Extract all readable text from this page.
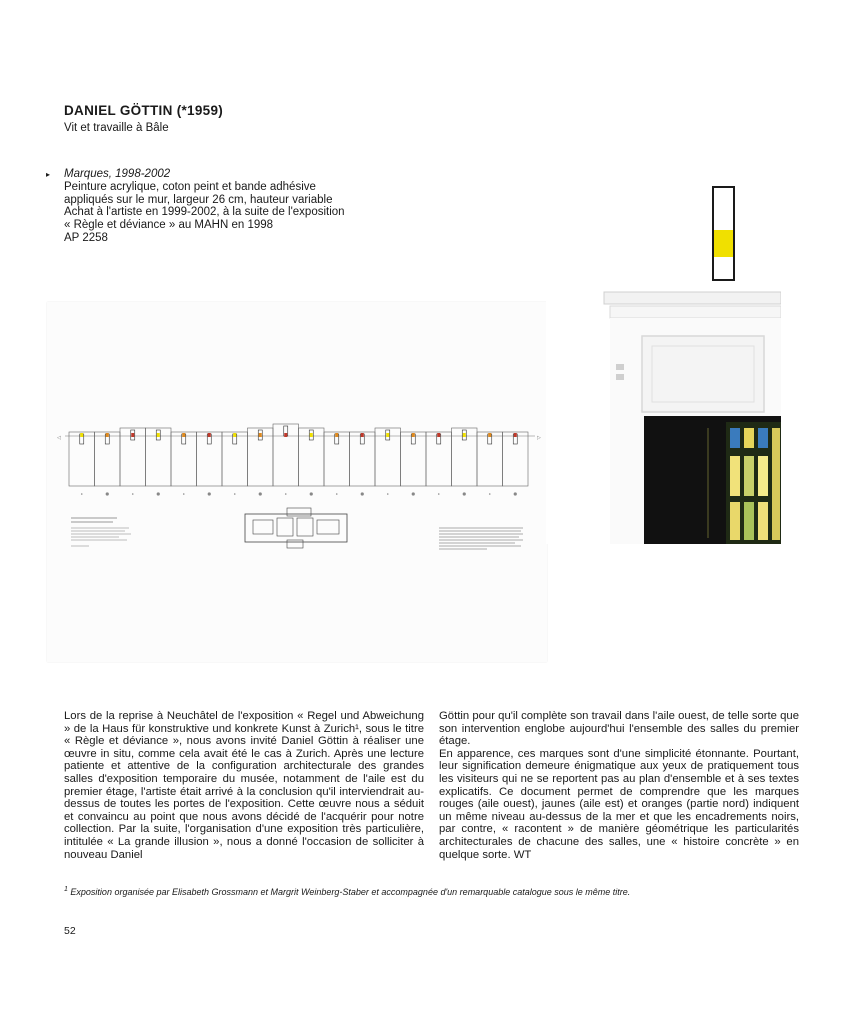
DANIEL GÖTTIN (*1959)
Vit et travaille à Bâle
▸ Marques, 1998-2002
Peinture acrylique, coton peint et bande adhésive
appliqués sur le mur, largeur 26 cm, hauteur variable
Achat à l'artiste en 1999-2002, à la suite de l'exposition
« Règle et déviance » au MAHN en 1998
AP 2258
◁	▷

Lors de la reprise à Neuchâtel de l'exposition « Regel und Abweichung » de la Haus für konstruktive und konkrete Kunst à Zurich¹, sous le titre « Règle et déviance », nous avons invité Daniel Göttin à réaliser une œuvre in situ, comme cela avait été le cas à Zurich. Après une lecture patiente et attentive de la configuration architecturale des grandes salles d'exposition temporaire du musée, notamment de l'aile est du premier étage, l'artiste était arrivé à la conclusion qu'il interviendrait au-dessus de toutes les portes de l'exposition. Cette œuvre nous a séduit et convaincu au point que nous avons décidé de l'acquérir pour notre collection. Par la suite, l'organisation d'une exposition très particulière, intitulée « La grande illusion », nous a donné l'occasion de solliciter à nouveau Daniel

Göttin pour qu'il complète son travail dans l'aile ouest, de telle sorte que son intervention englobe aujourd'hui l'ensemble des salles du premier étage.

En apparence, ces marques sont d'une simplicité étonnante. Pourtant, leur signification demeure énigmatique aux yeux de pratiquement tous les visiteurs qui ne se reportent pas au plan d'ensemble et à ses textes explicatifs. Ce document permet de comprendre que les marques rouges (aile ouest), jaunes (aile est) et oranges (partie nord) indiquent un même niveau au-dessus de la mer et que les encadrements noirs, par contre, « racontent » de manière géométrique les particularités architecturales de chacune des salles, une « histoire concrète » en quelque sorte. WT

$^1$ Exposition organisée par Elisabeth Grossmann et Margrit Weinberg-Staber et accompagnée d'un remarquable catalogue sous le même titre.
52
